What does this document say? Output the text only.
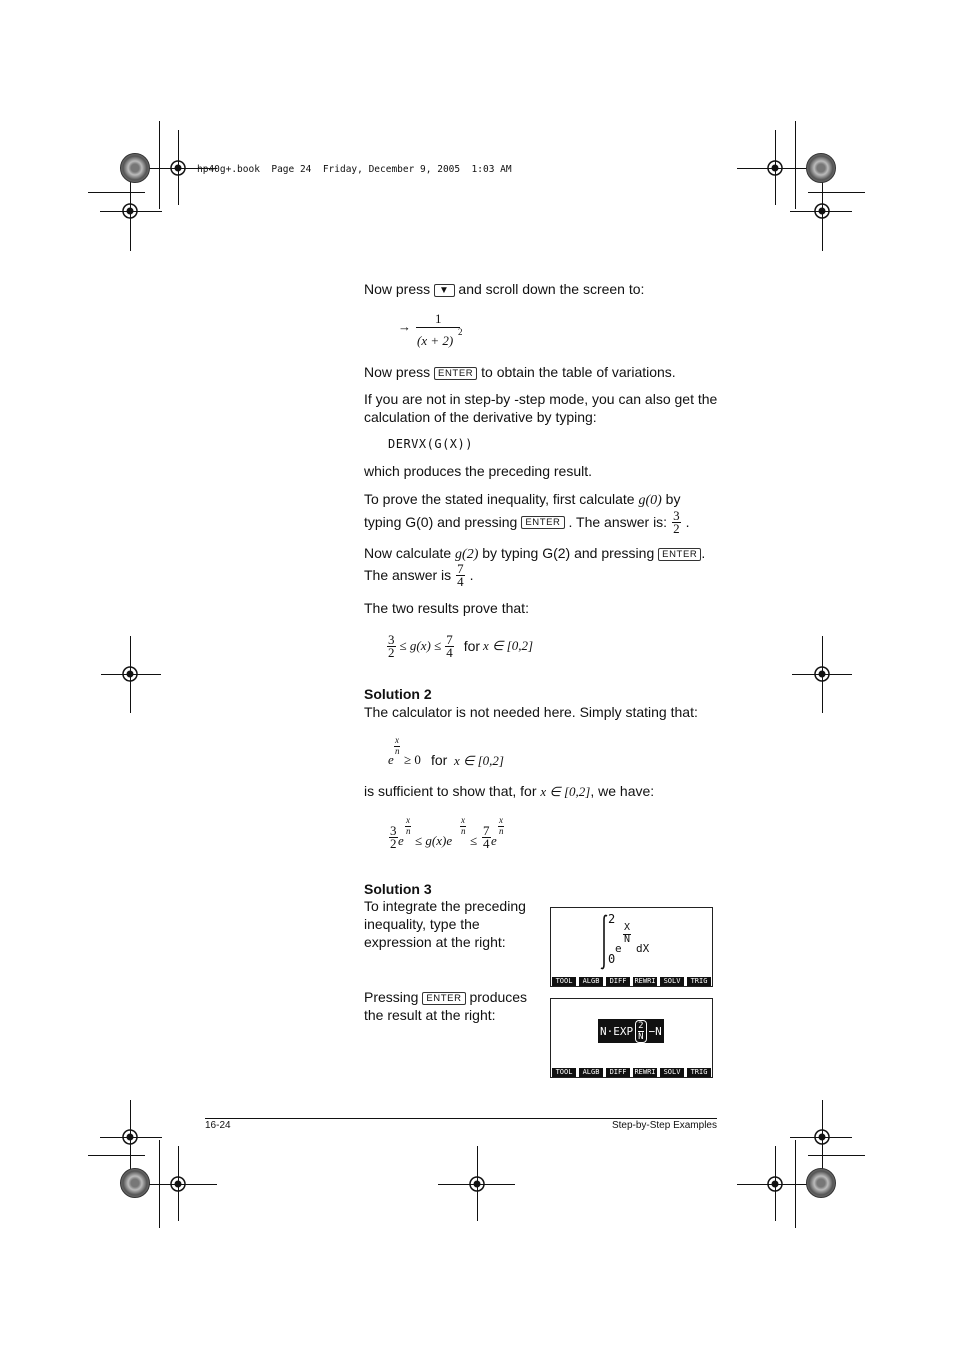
hp40g+.book  Page 24  Friday, December 9, 2005  1:03 AM
Now press ▼ and scroll down the screen to:
→
1
(x + 2)
2
Now press ENTER to obtain the table of variations.
If you are not in step-by -step mode, you can also get the
calculation of the derivative by typing:
DERVX(G(X))
which produces the preceding result.
To prove the stated inequality, first calculate g(0) by
typing G(0) and pressing ENTER . The answer is: $\frac{3}{2}$ .
Now calculate g(2) by typing G(2) and pressing ENTER .
The answer is $\frac{7}{4}$ .
The two results prove that:
$\frac{3}{2} \le g(x) \le \frac{7}{4}$ for x ∈ [0,2]
Solution 2
The calculator is not needed here. Simply stating that:
x
n
e ≥ 0 for x ∈ [0,2]
is sufficient to show that, for x ∈ [0,2], we have:
$\frac{3}{2}$ e
x
n
≤ g(x)e
x
n
≤ $\frac{7}{4}$ e
x
n
Solution 3
To integrate the preceding
inequality, type the
expression at the right:
2
0
e
X
N
dX
TOOL	ALGB	DIFF	REWRI	SOLV	TRIG
Pressing ENTER produces
the result at the right:
N·EXP 2
N −N
TOOL	ALGB	DIFF	REWRI	SOLV	TRIG
16-24	Step-by-Step Examples
